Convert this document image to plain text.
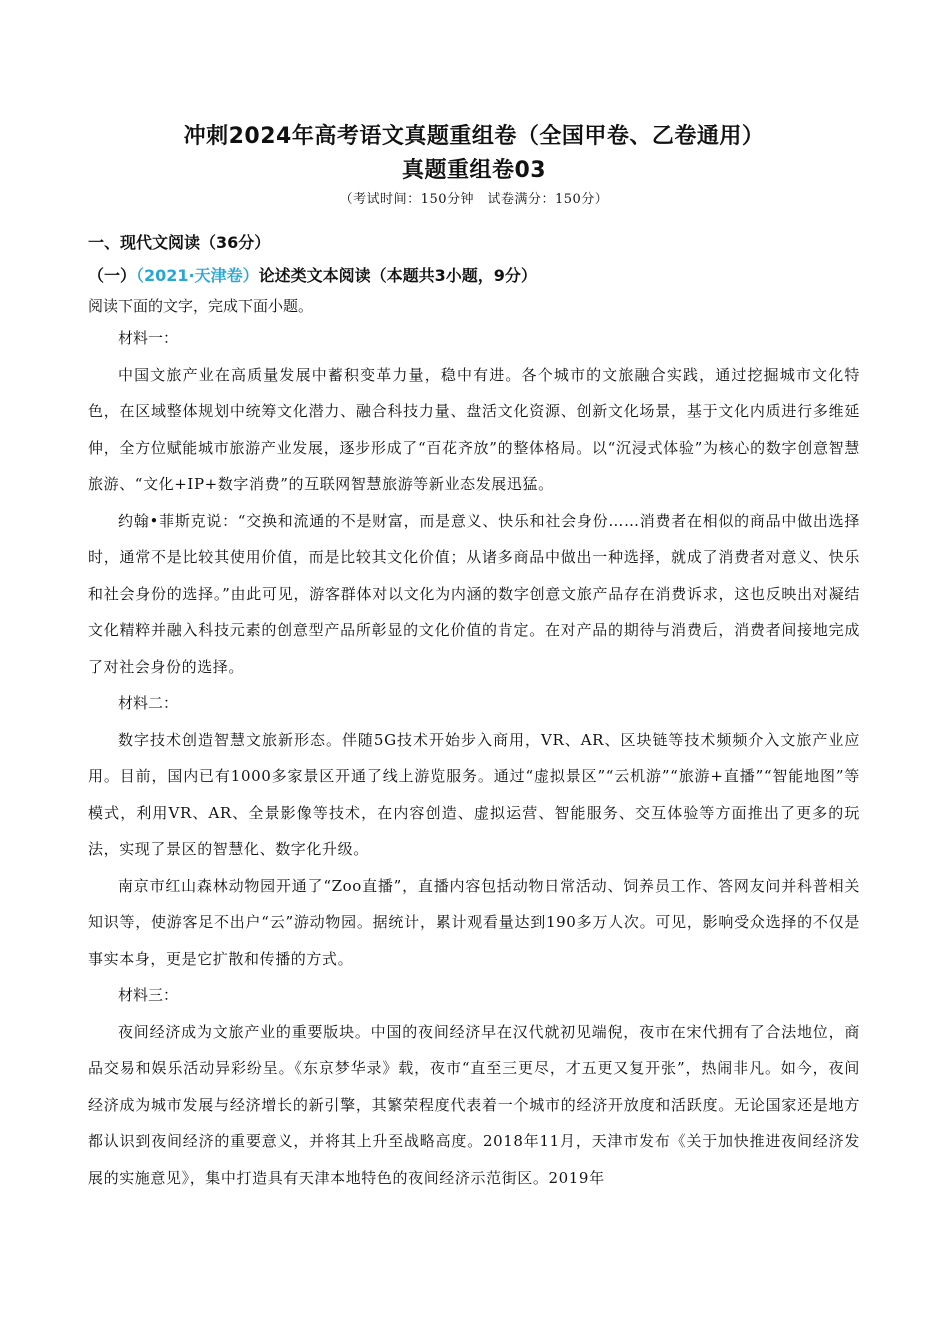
冲刺2024年高考语文真题重组卷（全国甲卷、乙卷通用）
真题重组卷03
（考试时间：150分钟　试卷满分：150分）
一、现代文阅读（36分）
（一）（2021·天津卷）论述类文本阅读（本题共3小题，9分）
阅读下面的文字，完成下面小题。

材料一：

中国文旅产业在高质量发展中蓄积变革力量，稳中有进。各个城市的文旅融合实践，通过挖掘城市文化特色，在区域整体规划中统筹文化潜力、融合科技力量、盘活文化资源、创新文化场景，基于文化内质进行多维延伸，全方位赋能城市旅游产业发展，逐步形成了“百花齐放”的整体格局。以“沉浸式体验”为核心的数字创意智慧旅游、“文化+IP+数字消费”的互联网智慧旅游等新业态发展迅猛。

约翰•菲斯克说：“交换和流通的不是财富，而是意义、快乐和社会身份……消费者在相似的商品中做出选择时，通常不是比较其使用价值，而是比较其文化价值；从诸多商品中做出一种选择，就成了消费者对意义、快乐和社会身份的选择。”由此可见，游客群体对以文化为内涵的数字创意文旅产品存在消费诉求，这也反映出对凝结文化精粹并融入科技元素的创意型产品所彰显的文化价值的肯定。在对产品的期待与消费后，消费者间接地完成了对社会身份的选择。

材料二：

数字技术创造智慧文旅新形态。伴随5G技术开始步入商用，VR、AR、区块链等技术频频介入文旅产业应用。目前，国内已有1000多家景区开通了线上游览服务。通过“虚拟景区”“云机游”“旅游+直播”“智能地图”等模式，利用VR、AR、全景影像等技术，在内容创造、虚拟运营、智能服务、交互体验等方面推出了更多的玩法，实现了景区的智慧化、数字化升级。

南京市红山森林动物园开通了“Zoo直播”，直播内容包括动物日常活动、饲养员工作、答网友问并科普相关知识等，使游客足不出户“云”游动物园。据统计，累计观看量达到190多万人次。可见，影响受众选择的不仅是事实本身，更是它扩散和传播的方式。

材料三：

夜间经济成为文旅产业的重要版块。中国的夜间经济早在汉代就初见端倪，夜市在宋代拥有了合法地位，商品交易和娱乐活动异彩纷呈。《东京梦华录》载，夜市“直至三更尽，才五更又复开张”，热闹非凡。如今，夜间经济成为城市发展与经济增长的新引擎，其繁荣程度代表着一个城市的经济开放度和活跃度。无论国家还是地方都认识到夜间经济的重要意义，并将其上升至战略高度。2018年11月，天津市发布《关于加快推进夜间经济发展的实施意见》，集中打造具有天津本地特色的夜间经济示范街区。2019年
